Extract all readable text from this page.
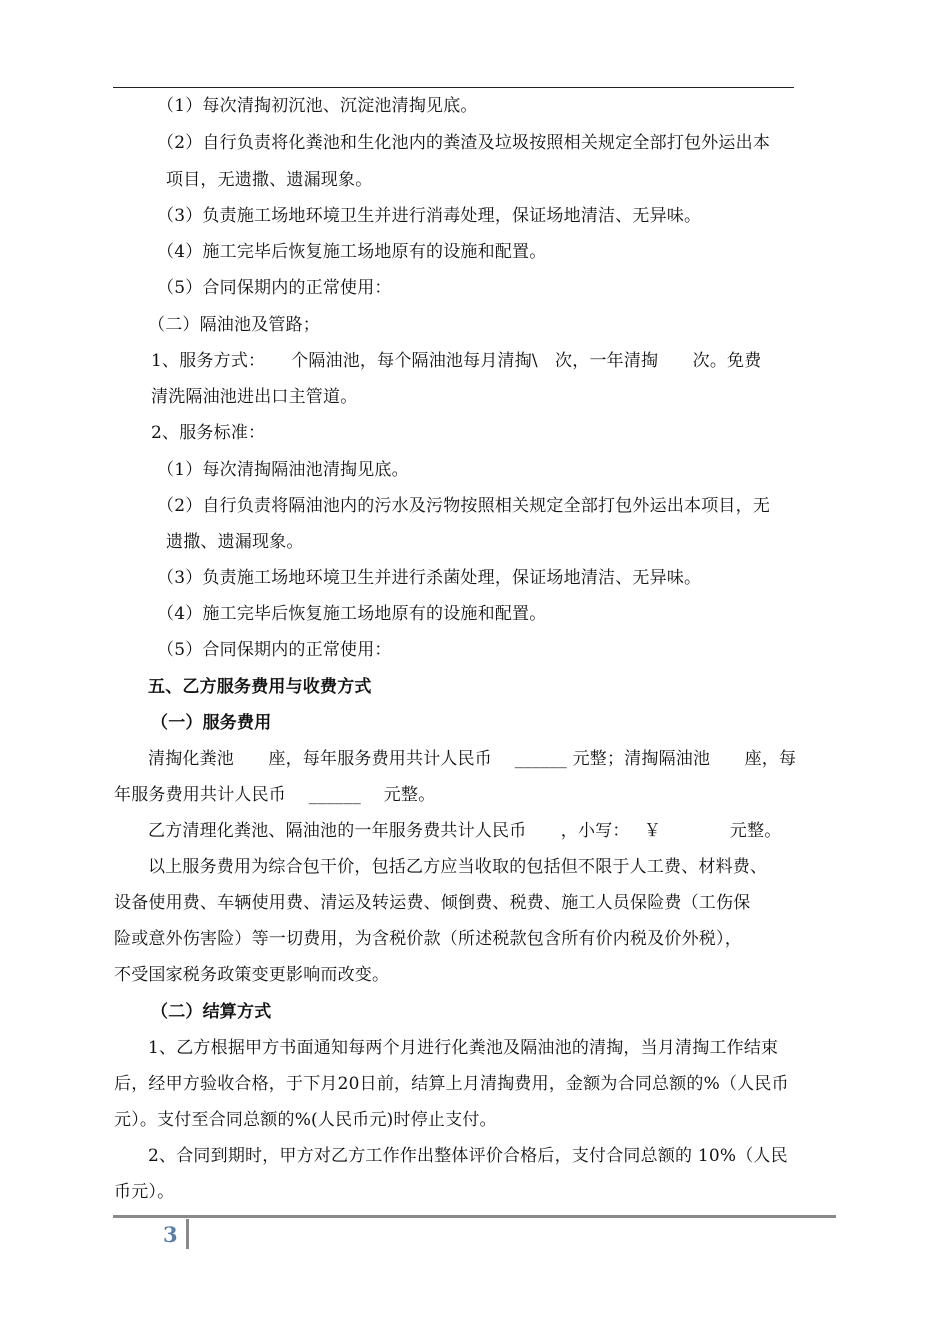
（1）每次清掏初沉池、沉淀池清掏见底。
（2）自行负责将化粪池和生化池内的粪渣及垃圾按照相关规定全部打包外运出本
项目，无遗撒、遗漏现象。
（3）负责施工场地环境卫生并进行消毒处理，保证场地清洁、无异味。
（4）施工完毕后恢复施工场地原有的设施和配置。
（5）合同保期内的正常使用：
（二）隔油池及管路；
1、服务方式：　　个隔油池，每个隔油池每月清掏\　次，一年清掏　　次。免费
清洗隔油池进出口主管道。
2、服务标准：
（1）每次清掏隔油池清掏见底。
（2）自行负责将隔油池内的污水及污物按照相关规定全部打包外运出本项目，无
遗撒、遗漏现象。
（3）负责施工场地环境卫生并进行杀菌处理，保证场地清洁、无异味。
（4）施工完毕后恢复施工场地原有的设施和配置。
（5）合同保期内的正常使用：
五、乙方服务费用与收费方式
（一）服务费用
清掏化粪池　　座，每年服务费用共计人民币　 ______ 元整；清掏隔油池　　座，每
年服务费用共计人民币　 ______　 元整。
乙方清理化粪池、隔油池的一年服务费共计人民币　　，小写：　 ￥　　　　元整。
以上服务费用为综合包干价，包括乙方应当收取的包括但不限于人工费、材料费、
设备使用费、车辆使用费、清运及转运费、倾倒费、税费、施工人员保险费（工伤保
险或意外伤害险）等一切费用，为含税价款（所述税款包含所有价内税及价外税），
不受国家税务政策变更影响而改变。
（二）结算方式
1、乙方根据甲方书面通知每两个月进行化粪池及隔油池的清掏，当月清掏工作结束
后，经甲方验收合格，于下月20日前，结算上月清掏费用，金额为合同总额的%（人民币
元）。支付至合同总额的%(人民币元)时停止支付。
2、合同到期时，甲方对乙方工作作出整体评价合格后，支付合同总额的 10%（人民
币元）。
3
